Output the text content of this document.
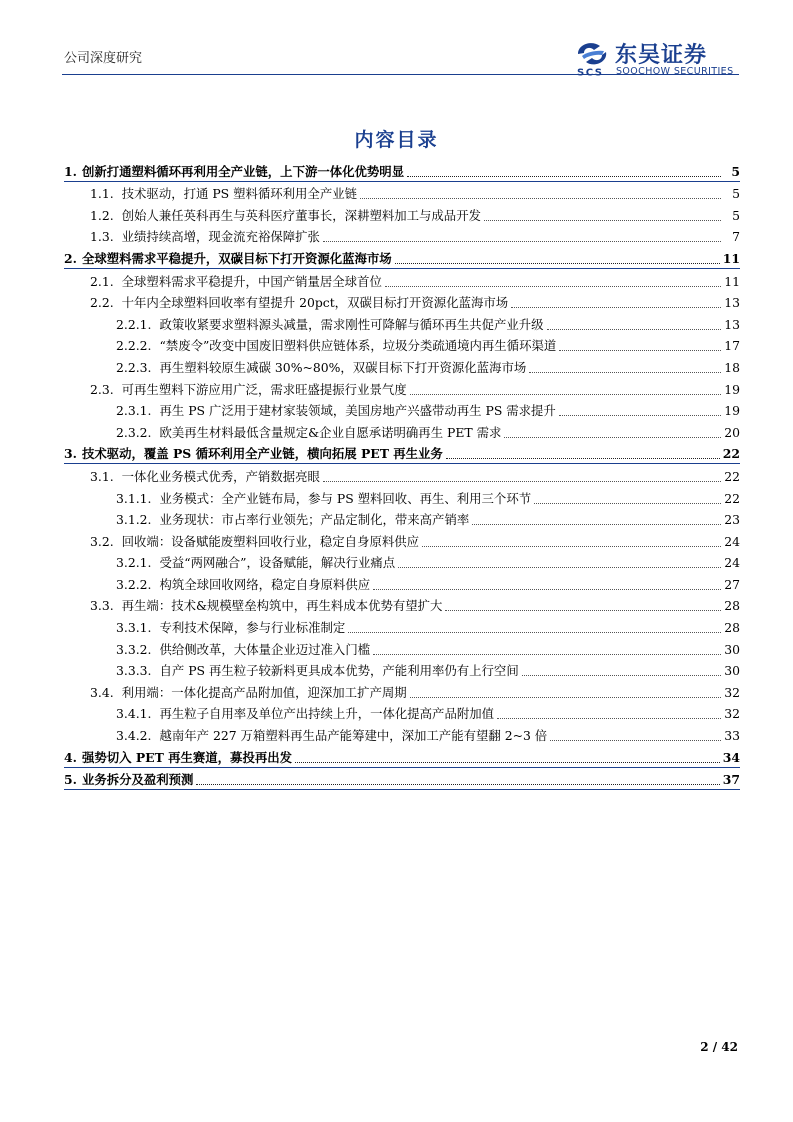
公司深度研究
SCS
东吴证券
SOOCHOW SECURITIES
内容目录
1. 创新打通塑料循环再利用全产业链，上下游一体化优势明显	5
1.1. 技术驱动，打通 PS 塑料循环利用全产业链	5
1.2. 创始人兼任英科再生与英科医疗董事长，深耕塑料加工与成品开发	5
1.3. 业绩持续高增，现金流充裕保障扩张	7
2. 全球塑料需求平稳提升，双碳目标下打开资源化蓝海市场	11
2.1. 全球塑料需求平稳提升，中国产销量居全球首位	11
2.2. 十年内全球塑料回收率有望提升 20pct，双碳目标打开资源化蓝海市场	13
2.2.1. 政策收紧要求塑料源头减量，需求刚性可降解与循环再生共促产业升级	13
2.2.2. “禁废令”改变中国废旧塑料供应链体系，垃圾分类疏通境内再生循环渠道	17
2.2.3. 再生塑料较原生减碳 30%~80%，双碳目标下打开资源化蓝海市场	18
2.3. 可再生塑料下游应用广泛，需求旺盛提振行业景气度	19
2.3.1. 再生 PS 广泛用于建材家装领域，美国房地产兴盛带动再生 PS 需求提升	19
2.3.2. 欧美再生材料最低含量规定&企业自愿承诺明确再生 PET 需求	20
3. 技术驱动，覆盖 PS 循环利用全产业链，横向拓展 PET 再生业务	22
3.1. 一体化业务模式优秀，产销数据亮眼	22
3.1.1. 业务模式：全产业链布局，参与 PS 塑料回收、再生、利用三个环节	22
3.1.2. 业务现状：市占率行业领先；产品定制化，带来高产销率	23
3.2. 回收端：设备赋能废塑料回收行业，稳定自身原料供应	24
3.2.1. 受益“两网融合”，设备赋能，解决行业痛点	24
3.2.2. 构筑全球回收网络，稳定自身原料供应	27
3.3. 再生端：技术&规模壁垒构筑中，再生料成本优势有望扩大	28
3.3.1. 专利技术保障，参与行业标准制定	28
3.3.2. 供给侧改革，大体量企业迈过准入门槛	30
3.3.3. 自产 PS 再生粒子较新料更具成本优势，产能利用率仍有上行空间	30
3.4. 利用端：一体化提高产品附加值，迎深加工扩产周期	32
3.4.1. 再生粒子自用率及单位产出持续上升，一体化提高产品附加值	32
3.4.2. 越南年产 227 万箱塑料再生品产能筹建中，深加工产能有望翻 2~3 倍	33
4. 强势切入 PET 再生赛道，募投再出发	34
5. 业务拆分及盈利预测	37
2 / 42
